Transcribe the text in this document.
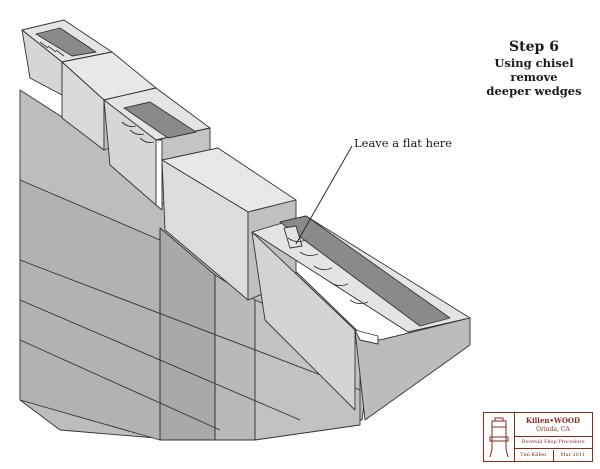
Step 6
Using chisel
remove
deeper wedges
Leave a flat here
Killen•WOOD
Orinda, CA
Dovetail Shop Procedure
Tim Killen	Mar 2011
